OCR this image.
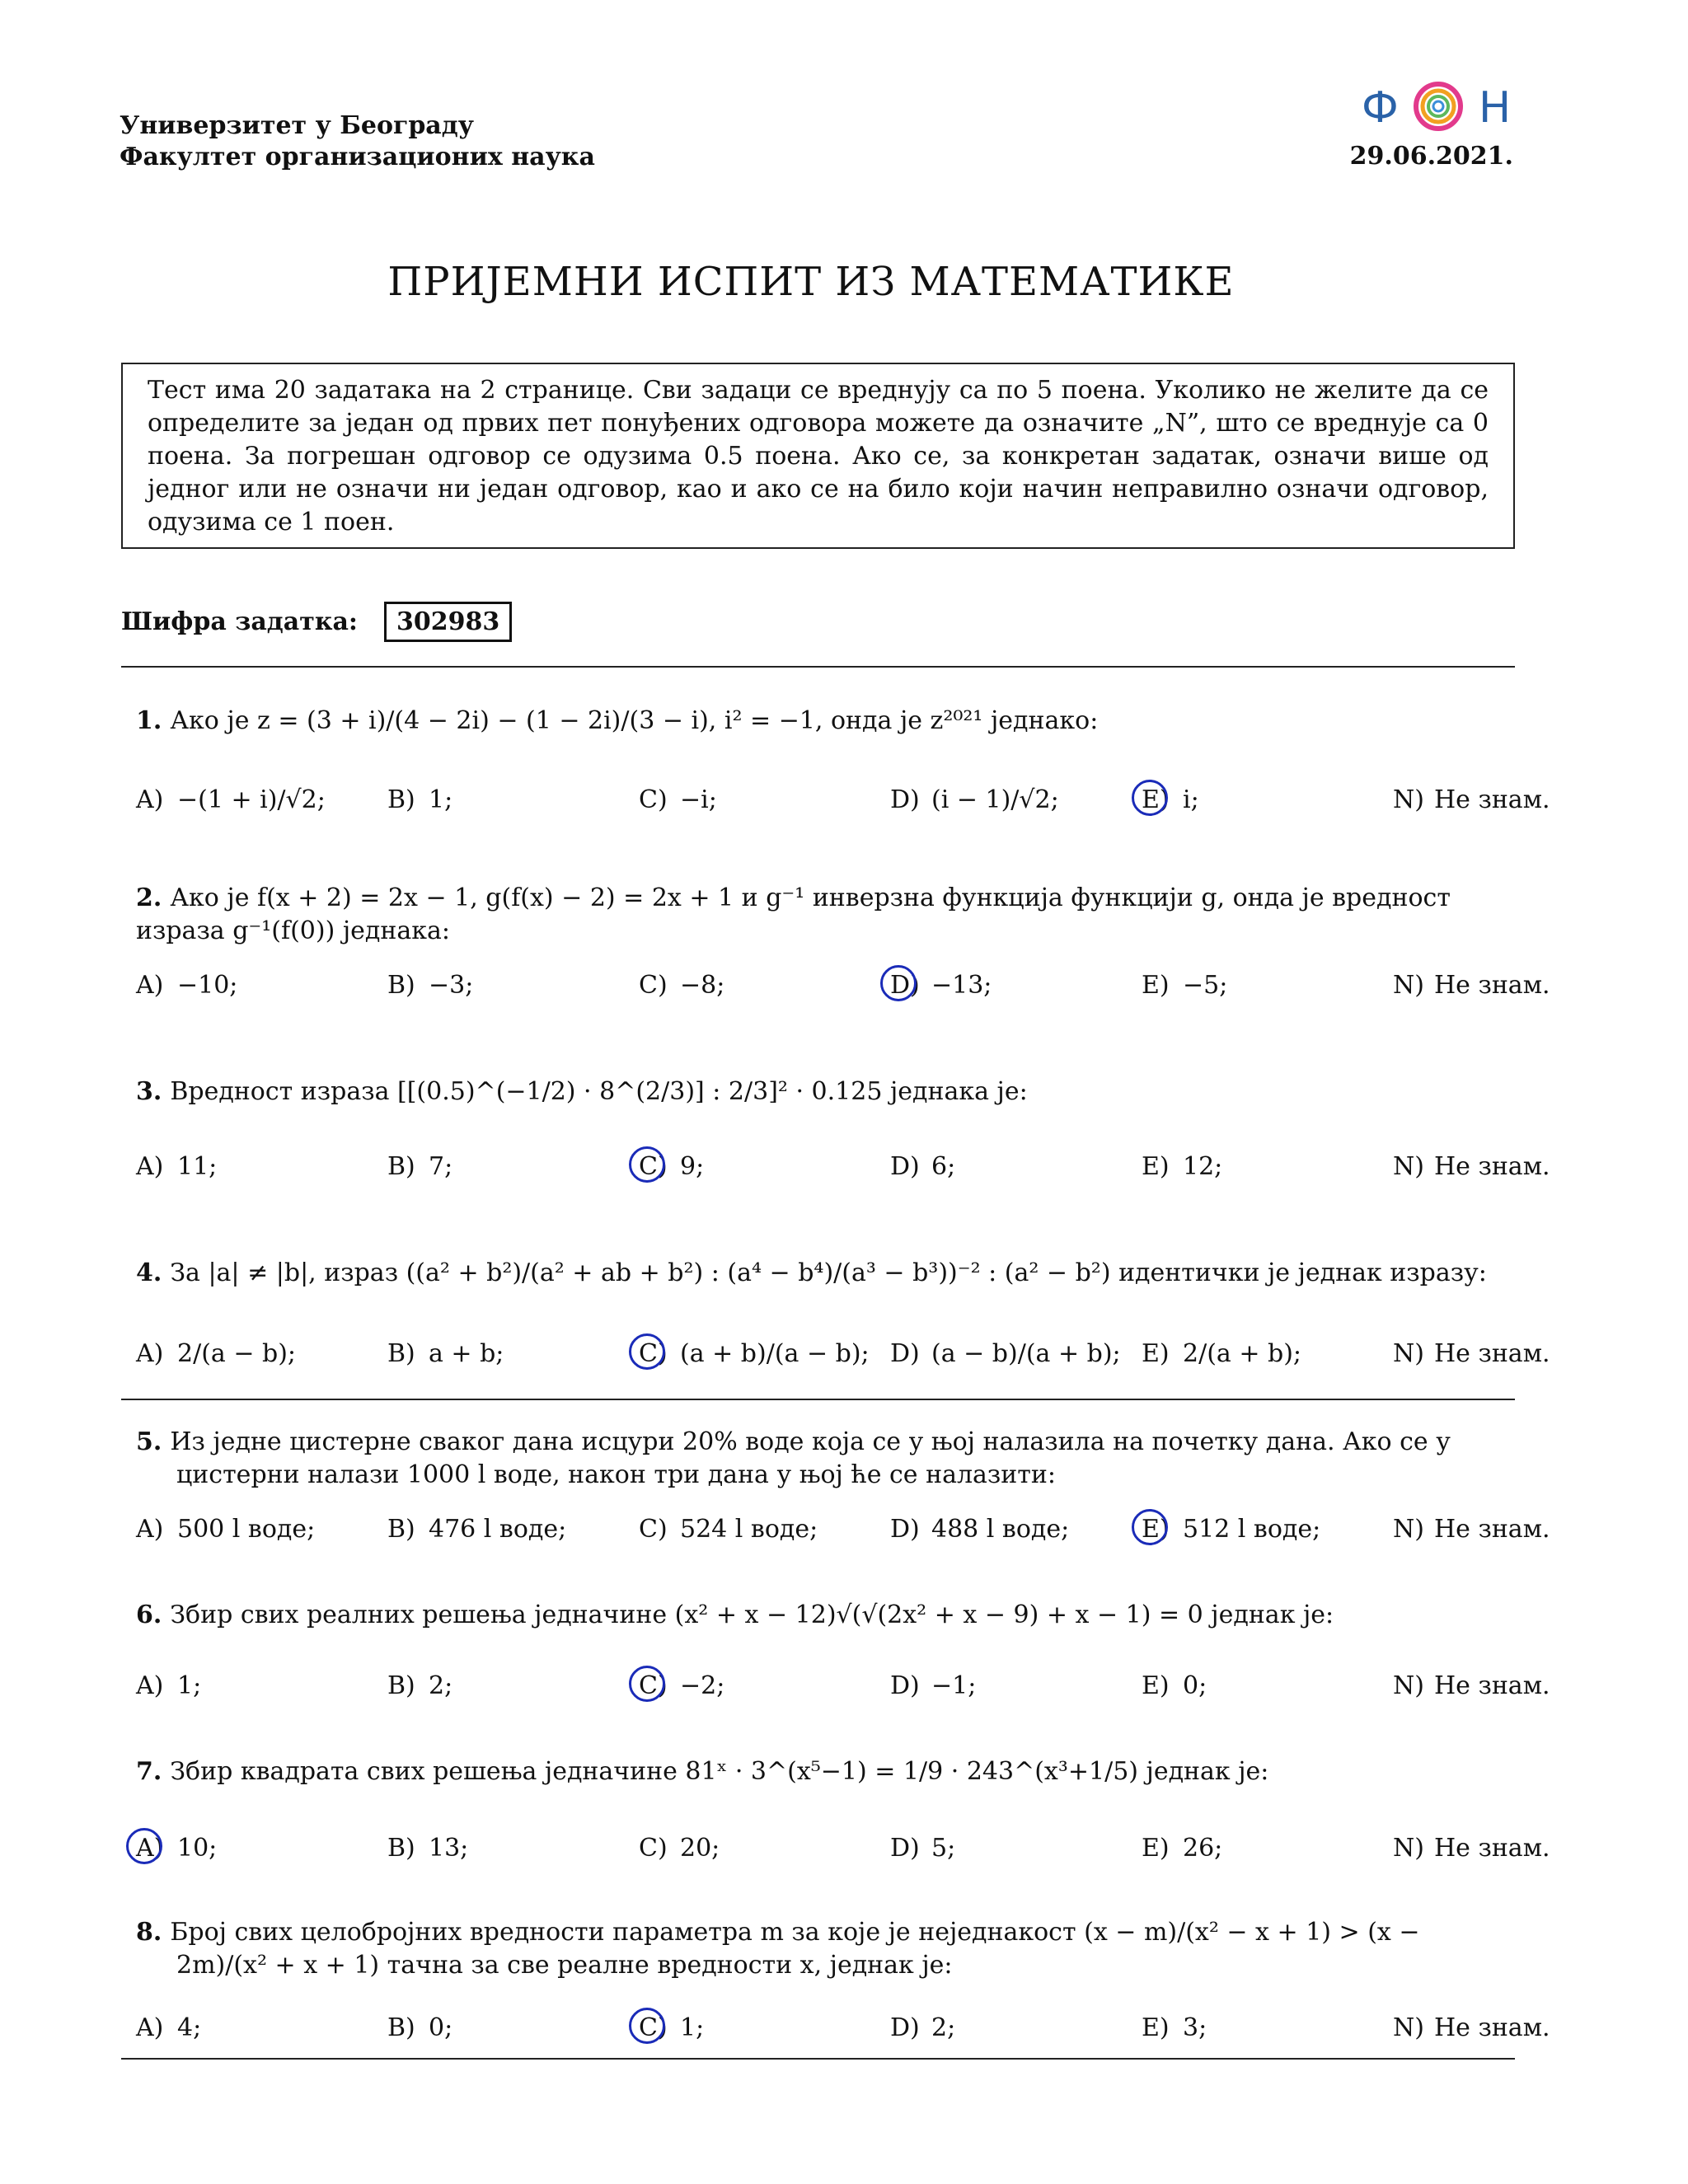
Универзитет у Београду
Факултет организационих наука
Ф Н
29.06.2021.
ПРИЈЕМНИ ИСПИТ ИЗ МАТЕМАТИКЕ
Тест има 20 задатака на 2 странице. Сви задаци се вреднују са по 5 поена. Уколико не желите да се определите за један од првих пет понуђених одговора можете да означите „N”, што се вреднује са 0 поена. За погрешан одговор се одузима 0.5 поена. Ако се, за конкретан задатак, означи више од једног или не означи ни један одговор, као и ако се на било који начин неправилно означи одговор, одузима се 1 поен.
Шифра задатка:	302983
1. Ако је z = (3 + i)/(4 − 2i) − (1 − 2i)/(3 − i), i² = −1, онда је z²⁰²¹ једнако:
A) −(1 + i)/√2;	B) 1;	C) −i;	D) (i − 1)/√2;	E) i;	N) Не знам.
2. Ако је f(x + 2) = 2x − 1, g(f(x) − 2) = 2x + 1 и g⁻¹ инверзна функција функцији g, онда је вредност израза g⁻¹(f(0)) једнака:
A) −10;	B) −3;	C) −8;	D) −13;	E) −5;	N) Не знам.
3. Вредност израза [[(0.5)^(−1/2) · 8^(2/3)] : 2/3]² · 0.125 једнака је:
A) 11;	B) 7;	C) 9;	D) 6;	E) 12;	N) Не знам.
4. За |a| ≠ |b|, израз ((a² + b²)/(a² + ab + b²) : (a⁴ − b⁴)/(a³ − b³))⁻² : (a² − b²) идентички је једнак изразу:
A) 2/(a − b);	B) a + b;	C) (a + b)/(a − b); D) (a − b)/(a + b); E) 2/(a + b);	N) Не знам.
5. Из једне цистерне сваког дана исцури 20% воде која се у њој налазила на почетку дана. Ако се у цистерни налази 1000 l воде, након три дана у њој ће се налазити:
A) 500 l воде;	B) 476 l воде;	C) 524 l воде;	D) 488 l воде;	E) 512 l воде;	N) Не знам.
6. Збир свих реалних решења једначине (x² + x − 12)√(√(2x² + x − 9) + x − 1) = 0 једнак је:
A) 1;	B) 2;	C) −2;	D) −1;	E) 0;	N) Не знам.
7. Збир квадрата свих решења једначине 81ˣ · 3^(x⁵−1) = 1/9 · 243^(x³+1/5) једнак је:
A) 10;	B) 13;	C) 20;	D) 5;	E) 26;	N) Не знам.
8. Број свих целобројних вредности параметра m за које је неједнакост (x − m)/(x² − x + 1) > (x − 2m)/(x² + x + 1) тачна за све реалне вредности x, једнак је:
A) 4;	B) 0;	C) 1;	D) 2;	E) 3;	N) Не знам.
